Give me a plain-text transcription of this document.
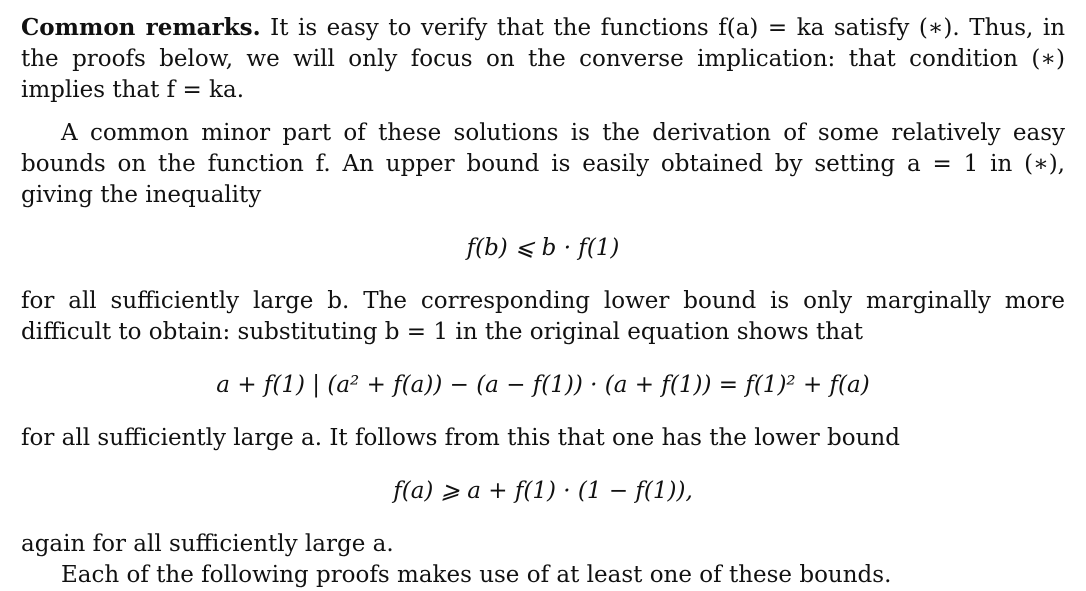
Common remarks. It is easy to verify that the functions f(a) = ka satisfy (∗). Thus, in the proofs below, we will only focus on the converse implication: that condition (∗) implies that f = ka.

A common minor part of these solutions is the derivation of some relatively easy bounds on the function f. An upper bound is easily obtained by setting a = 1 in (∗), giving the inequality

f(b) ⩽ b · f(1)

for all sufficiently large b. The corresponding lower bound is only marginally more difficult to obtain: substituting b = 1 in the original equation shows that

a + f(1) | (a² + f(a)) − (a − f(1)) · (a + f(1)) = f(1)² + f(a)

for all sufficiently large a. It follows from this that one has the lower bound

f(a) ⩾ a + f(1) · (1 − f(1)),

again for all sufficiently large a.

Each of the following proofs makes use of at least one of these bounds.
